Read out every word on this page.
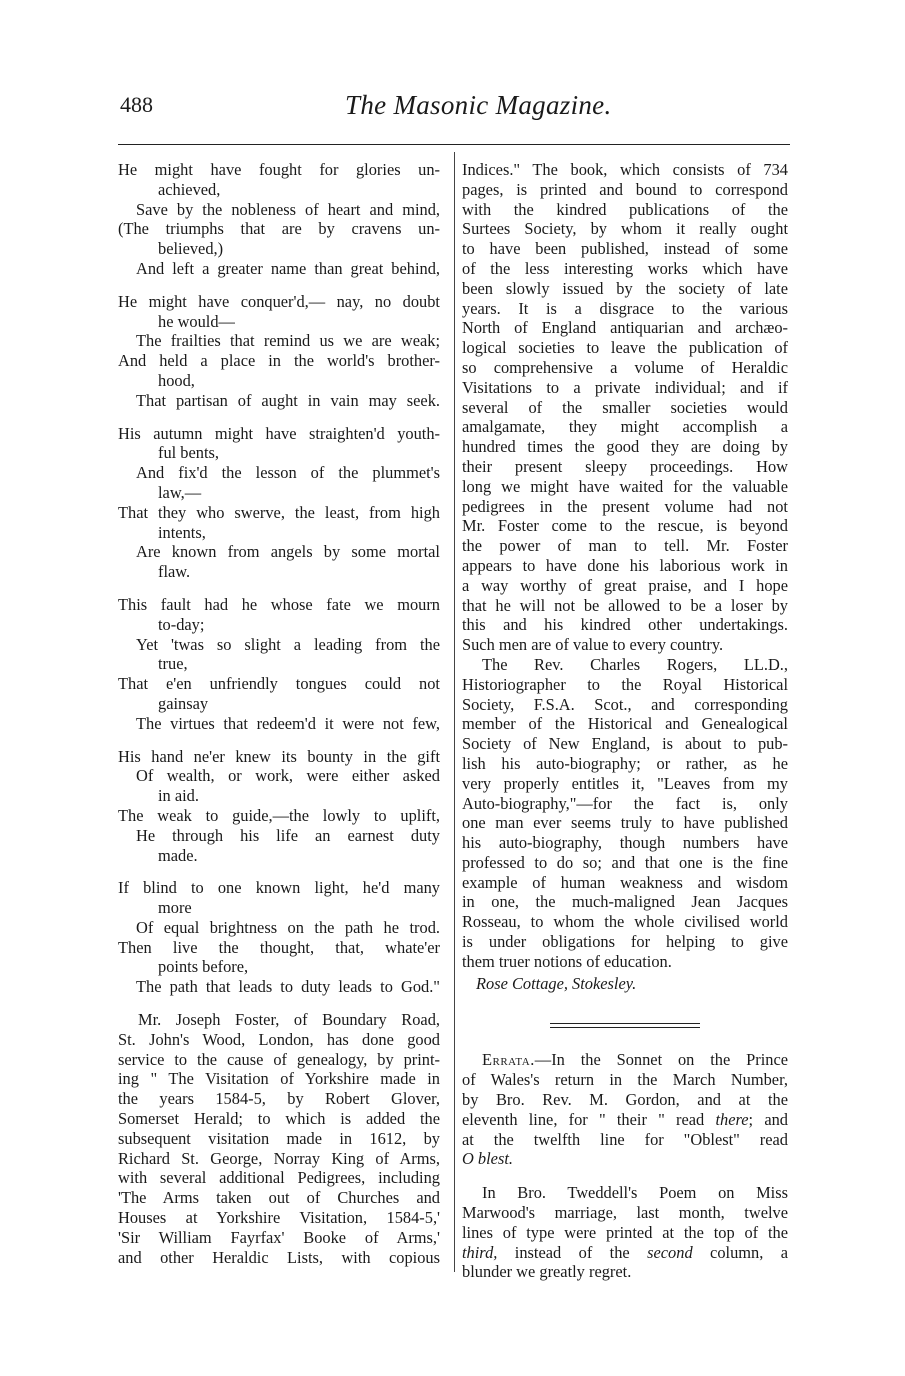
488	The Masonic Magazine.
He might have fought for glories un-
achieved,
Save by the nobleness of heart and mind,
(The triumphs that are by cravens un-
believed,)
And left a greater name than great behind,
He might have conquer'd,— nay, no doubt
he would—
The frailties that remind us we are weak;
And held a place in the world's brother-
hood,
That partisan of aught in vain may seek.
His autumn might have straighten'd youth-
ful bents,
And fix'd the lesson of the plummet's
law,—
That they who swerve, the least, from high
intents,
Are known from angels by some mortal
flaw.
This fault had he whose fate we mourn
to-day;
Yet 'twas so slight a leading from the
true,
That e'en unfriendly tongues could not
gainsay
The virtues that redeem'd it were not few,
His hand ne'er knew its bounty in the gift
Of wealth, or work, were either asked
in aid.
The weak to guide,—the lowly to uplift,
He through his life an earnest duty
made.
If blind to one known light, he'd many
more
Of equal brightness on the path he trod.
Then live the thought, that, whate'er
points before,
The path that leads to duty leads to God."
Mr. Joseph Foster, of Boundary Road,
St. John's Wood, London, has done good
service to the cause of genealogy, by print-
ing " The Visitation of Yorkshire made in
the years 1584-5, by Robert Glover,
Somerset Herald; to which is added the
subsequent visitation made in 1612, by
Richard St. George, Norray King of Arms,
with several additional Pedigrees, including
'The Arms taken out of Churches and
Houses at Yorkshire Visitation, 1584-5,'
'Sir William Fayrfax' Booke of Arms,'
and other Heraldic Lists, with copious
Indices." The book, which consists of 734
pages, is printed and bound to correspond
with the kindred publications of the
Surtees Society, by whom it really ought
to have been published, instead of some
of the less interesting works which have
been slowly issued by the society of late
years. It is a disgrace to the various
North of England antiquarian and archæo-
logical societies to leave the publication of
so comprehensive a volume of Heraldic
Visitations to a private individual; and if
several of the smaller societies would
amalgamate, they might accomplish a
hundred times the good they are doing by
their present sleepy proceedings. How
long we might have waited for the valuable
pedigrees in the present volume had not
Mr. Foster come to the rescue, is beyond
the power of man to tell. Mr. Foster
appears to have done his laborious work in
a way worthy of great praise, and I hope
that he will not be allowed to be a loser by
this and his kindred other undertakings.
Such men are of value to every country.
The Rev. Charles Rogers, LL.D.,
Historiographer to the Royal Historical
Society, F.S.A. Scot., and corresponding
member of the Historical and Genealogical
Society of New England, is about to pub-
lish his auto-biography; or rather, as he
very properly entitles it, "Leaves from my
Auto-biography,"—for the fact is, only
one man ever seems truly to have published
his auto-biography, though numbers have
professed to do so; and that one is the fine
example of human weakness and wisdom
in one, the much-maligned Jean Jacques
Rosseau, to whom the whole civilised world
is under obligations for helping to give
them truer notions of education.
Rose Cottage, Stokesley.
Errata.—In the Sonnet on the Prince
of Wales's return in the March Number,
by Bro. Rev. M. Gordon, and at the
eleventh line, for " their " read there; and
at the twelfth line for "Oblest" read
O blest.
In Bro. Tweddell's Poem on Miss
Marwood's marriage, last month, twelve
lines of type were printed at the top of the
third, instead of the second column, a
blunder we greatly regret.
